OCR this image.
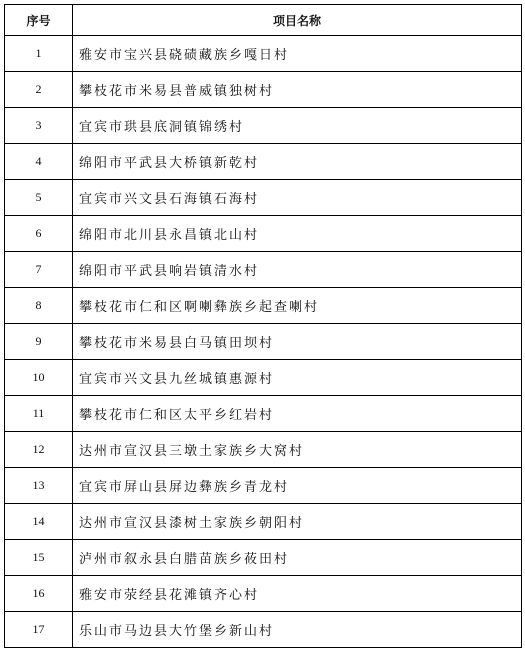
序号	项目名称
1	雅安市宝兴县硗碛藏族乡嘎日村
2	攀枝花市米易县普威镇独树村
3	宜宾市珙县底洞镇锦绣村
4	绵阳市平武县大桥镇新乾村
5	宜宾市兴文县石海镇石海村
6	绵阳市北川县永昌镇北山村
7	绵阳市平武县响岩镇清水村
8	攀枝花市仁和区啊喇彝族乡起查喇村
9	攀枝花市米易县白马镇田坝村
10	宜宾市兴文县九丝城镇惠源村
11	攀枝花市仁和区太平乡红岩村
12	达州市宣汉县三墩土家族乡大窝村
13	宜宾市屏山县屏边彝族乡青龙村
14	达州市宣汉县漆树土家族乡朝阳村
15	泸州市叙永县白腊苗族乡莜田村
16	雅安市荥经县花滩镇齐心村
17	乐山市马边县大竹堡乡新山村
